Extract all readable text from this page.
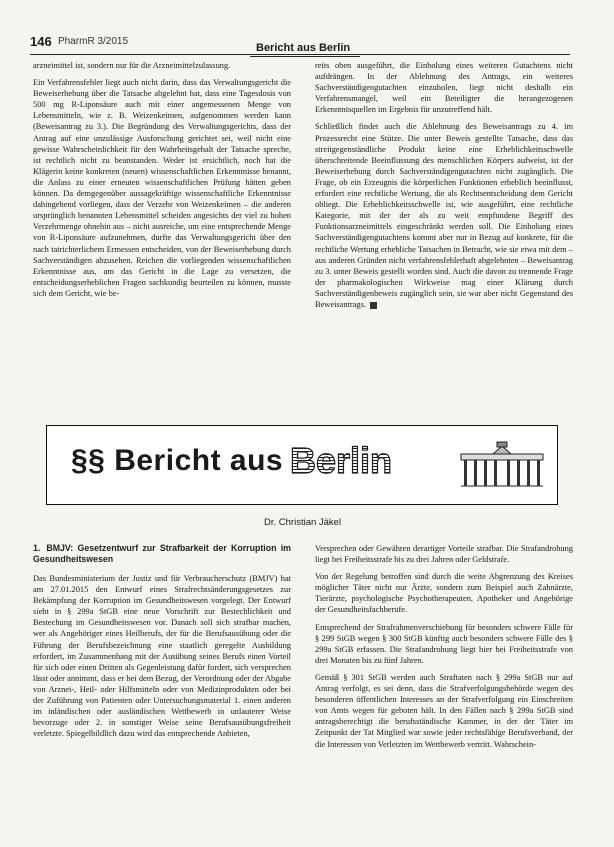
146 PharmR 3/2015
Bericht aus Berlin

arzneimittel ist, sondern nur für die Arzneimittelzulassung.

Ein Verfahrensfehler liegt auch nicht darin, dass das Verwaltungsgericht die Beweiserhebung über die Tatsache abgelehnt hat, dass eine Tagesdosis von 500 mg R-Liponsäure auch mit einer angemessenen Menge von Lebensmitteln, wie z. B. Weizenkeimen, aufgenommen werden kann (Beweisantrag zu 3.). Die Begründung des Verwaltungsgerichts, dass der Antrag auf eine unzulässige Ausforschung gerichtet sei, weil nicht eine gewisse Wahrscheinlichkeit für den Wahrheitsgehalt der Tatsache spreche, ist rechtlich nicht zu beanstanden. Weder ist ersichtlich, noch hat die Klägerin keine konkreten (neuen) wissenschaftlichen Erkenntnisse benannt, die Anlass zu einer erneuten wissenschaftlichen Prüfung hätten geben können. Da demgegenüber aussagekräftige wissenschaftliche Erkenntnisse dahingehend vorliegen, dass der Verzehr von Weizenkeimen – die anderen ursprünglich benannten Lebensmittel scheiden angesichts der viel zu hohen Verzehrmenge ohnehin aus – nicht ausreiche, um eine entsprechende Menge von R-Liponsäure aufzunehmen, durfte das Verwaltungsgericht über den nach tatrichterlichem Ermessen entscheiden, von der Beweiserhebung durch Sachverständigen abzusehen. Reichen die vorliegenden wissenschaftlichen Erkenntnisse aus, um das Gericht in die Lage zu versetzen, die entscheidungserheblichen Fragen sachkundig beurteilen zu können, musste sich dem Gericht, wie be-

reits oben ausgeführt, die Einholung eines weiteren Gutachtens nicht aufdrängen. In der Ablehnung des Antrags, ein weiteres Sachverständigengutachten einzuholen, liegt nicht deshalb ein Verfahrensmangel, weil ein Beteiligter die herangezogenen Erkenntnisquellen im Ergebnis für unzutreffend hält.

Schließlich findet auch die Ablehnung des Beweisantrags zu 4. im Prozessrecht eine Stütze. Die unter Beweis gestellte Tatsache, dass das streitgegenständliche Produkt keine eine Erheblichkeitsschwelle überschreitende Beeinflussung des menschlichen Körpers aufweist, ist der Beweiserhebung durch Sachverständigengutachten nicht zugänglich. Die Frage, ob ein Erzeugnis die körperlichen Funktionen erheblich beeinflusst, erfordert eine rechtliche Wertung, die als Rechtsentscheidung dem Gericht obliegt. Die Erheblichkeitsschwelle ist, wie ausgeführt, eine rechtliche Kategorie, mit der der als zu weit empfundene Begriff des Funktionsarzneimittels eingeschränkt werden soll. Die Einholung eines Sachverständigengutachtens kommt aber nur in Bezug auf konkrete, für die rechtliche Wertung erhebliche Tatsachen in Betracht, wie sie etwa mit dem – aus anderen Gründen nicht verfahrensfehlerhaft abgelehnten – Beweisantrag zu 3. unter Beweis gestellt worden sind. Auch die davon zu trennende Frage der pharmakologischen Wirkweise mag einer Klärung durch Sachverständigenbeweis zugänglich sein, sie war aber nicht Gegenstand des Beweisantrags.

§§ Bericht aus Berlin
Dr. Christian Jäkel
1. BMJV: Gesetzentwurf zur Strafbarkeit der Korruption im Gesundheitswesen

Das Bundesministerium der Justiz und für Verbraucherschutz (BMJV) hat am 27.01.2015 den Entwurf eines Strafrechtsänderungsgesetzes zur Bekämpfung der Korruption im Gesundheitswesen vorgelegt. Der Entwurf sieht in § 299a StGB eine neue Vorschrift zur Bestechlichkeit und Bestechung im Gesundheitswesen vor. Danach soll sich strafbar machen, wer als Angehöriger eines Heilberufs, der für die Berufsausübung oder die Führung der Berufsbezeichnung eine staatlich geregelte Ausbildung erfordert, im Zusammenhang mit der Ausübung seines Berufs einen Vorteil für sich oder einen Dritten als Gegenleistung dafür fordert, sich versprechen lässt oder annimmt, dass er bei dem Bezug, der Verordnung oder der Abgabe von Arznei-, Heil- oder Hilfsmitteln oder von Medizinprodukten oder bei der Zuführung von Patienten oder Untersuchungsmaterial 1. einen anderen im inländischen oder ausländischen Wettbewerb in unlauterer Weise bevorzuge oder 2. in sonstiger Weise seine Berufsausübungsfreiheit verletzte. Spiegelbildlich dazu wird das entsprechende Anbieten,

Versprechen oder Gewähren derartiger Vorteile strafbar. Die Strafandrohung liegt bei Freiheitsstrafe bis zu drei Jahren oder Geldstrafe.

Von der Regelung betroffen sind durch die weite Abgrenzung des Kreises möglicher Täter nicht nur Ärzte, sondern zum Beispiel auch Zahnärzte, Tierärzte, psychologische Psychotherapeuten, Apotheker und Angehörige der Gesundheitsfachberufe.

Entsprechend der Strafrahmenverschiebung für besonders schwere Fälle für § 299 StGB wegen § 300 StGB künftig auch besonders schwere Fälle des § 299a StGB erfassen. Die Strafandrohung liegt hier bei Freiheitsstrafe von drei Monaten bis zu fünf Jahren.

Gemäß § 301 StGB werden auch Straftaten nach § 299a StGB nur auf Antrag verfolgt, es sei denn, dass die Strafverfolgungsbehörde wegen des besonderen öffentlichen Interesses an der Strafverfolgung ein Einschreiten von Amts wegen für geboten hält. In den Fällen nach § 299a StGB sind antragsberechtigt die berufsständische Kammer, in der der Täter im Zeitpunkt der Tat Mitglied war sowie jeder rechtsfähige Berufsverband, der die Interessen von Verletzten im Wettbewerb vertritt. Wahrschein-
